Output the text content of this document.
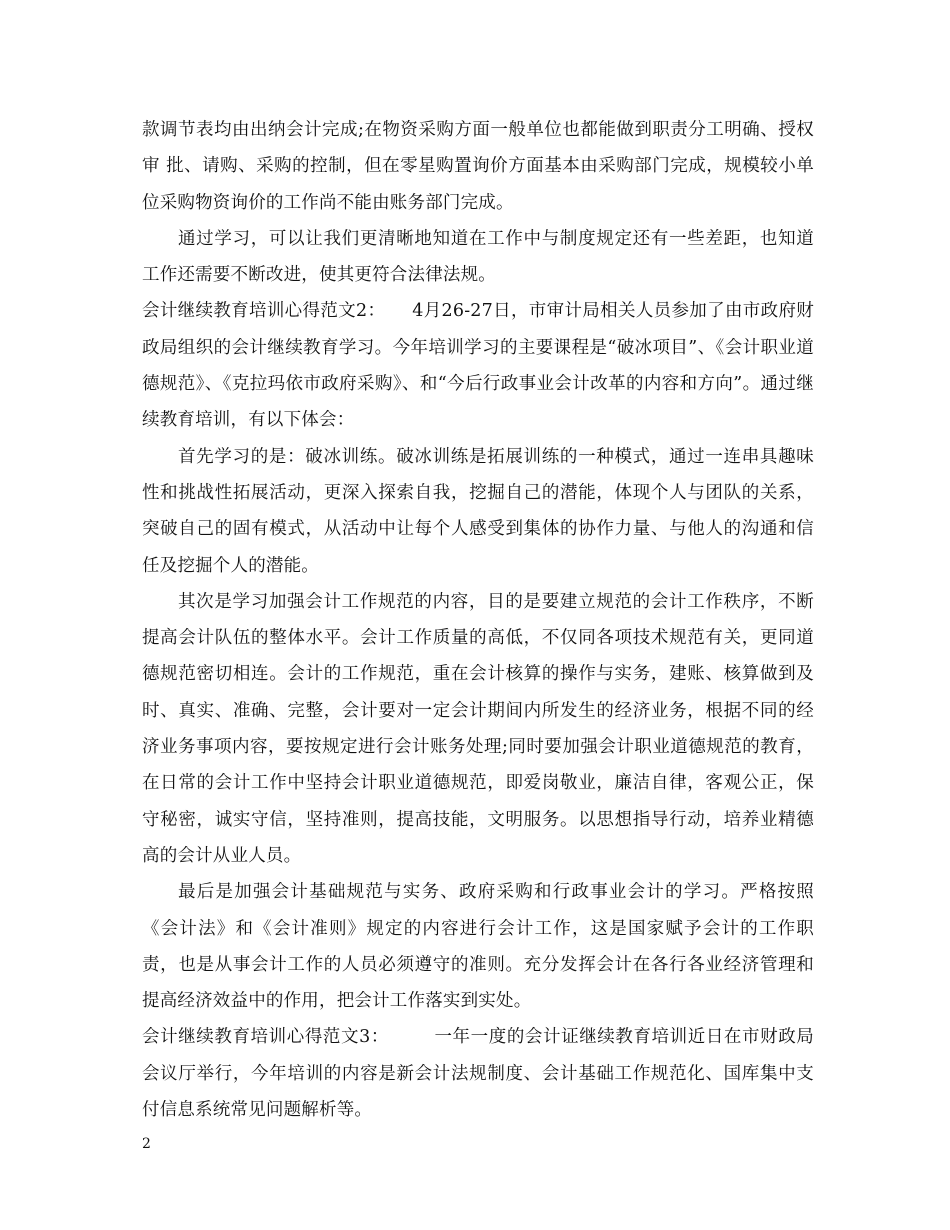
款调节表均由出纳会计完成;在物资采购方面一般单位也都能做到职责分工明确、授权审 批、请购、采购的控制，但在零星购置询价方面基本由采购部门完成，规模较小单位采购物资询价的工作尚不能由账务部门完成。

通过学习，可以让我们更清晰地知道在工作中与制度规定还有一些差距，也知道工作还需要不断改进，使其更符合法律法规。

会计继续教育培训心得范文2：　　4月26-27日，市审计局相关人员参加了由市政府财政局组织的会计继续教育学习。今年培训学习的主要课程是“破冰项目”、《会计职业道德规范》、《克拉玛依市政府采购》、和“今后行政事业会计改革的内容和方向”。通过继续教育培训，有以下体会：

首先学习的是：破冰训练。破冰训练是拓展训练的一种模式，通过一连串具趣味性和挑战性拓展活动，更深入探索自我，挖掘自己的潜能，体现个人与团队的关系，突破自己的固有模式，从活动中让每个人感受到集体的协作力量、与他人的沟通和信任及挖掘个人的潜能。

其次是学习加强会计工作规范的内容，目的是要建立规范的会计工作秩序，不断提高会计队伍的整体水平。会计工作质量的高低，不仅同各项技术规范有关，更同道德规范密切相连。会计的工作规范，重在会计核算的操作与实务，建账、核算做到及时、真实、准确、完整，会计要对一定会计期间内所发生的经济业务，根据不同的经济业务事项内容，要按规定进行会计账务处理;同时要加强会计职业道德规范的教育，在日常的会计工作中坚持会计职业道德规范，即爱岗敬业，廉洁自律，客观公正，保守秘密，诚实守信，坚持准则，提高技能，文明服务。以思想指导行动，培养业精德高的会计从业人员。

最后是加强会计基础规范与实务、政府采购和行政事业会计的学习。严格按照《会计法》和《会计准则》规定的内容进行会计工作，这是国家赋予会计的工作职责，也是从事会计工作的人员必须遵守的准则。充分发挥会计在各行各业经济管理和提高经济效益中的作用，把会计工作落实到实处。

会计继续教育培训心得范文3：　　　一年一度的会计证继续教育培训近日在市财政局会议厅举行，今年培训的内容是新会计法规制度、会计基础工作规范化、国库集中支付信息系统常见问题解析等。

2
